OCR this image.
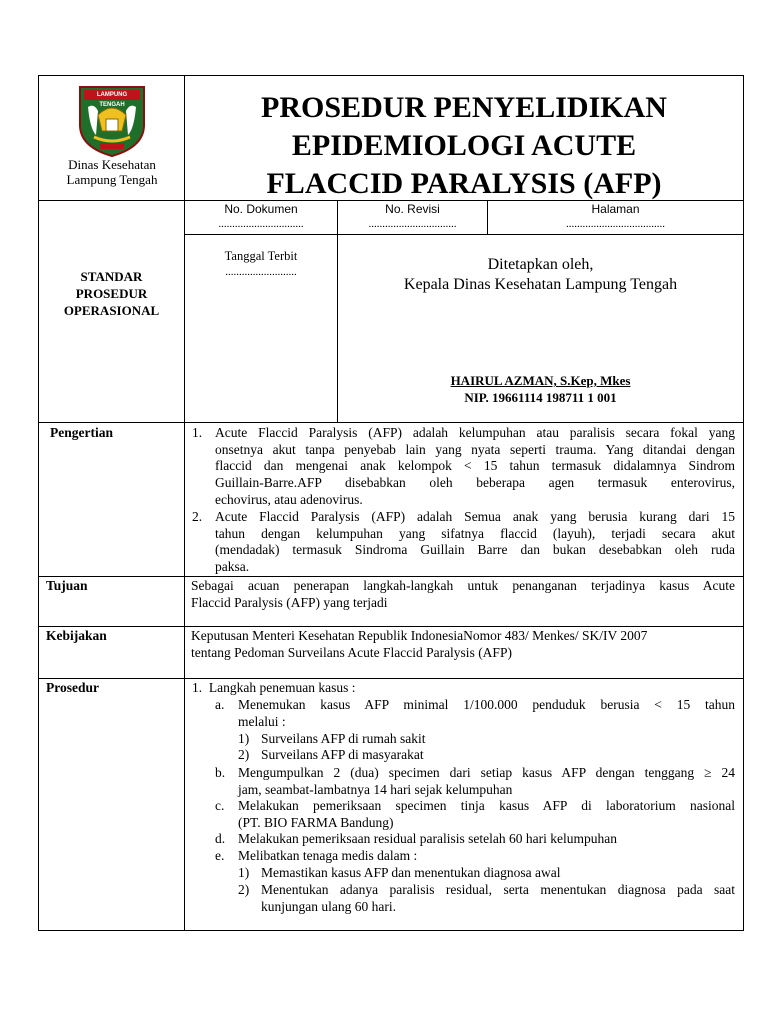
LAMPUNG TENGAH
Dinas Kesehatan
Lampung Tengah
PROSEDUR PENYELIDIKAN
EPIDEMIOLOGI ACUTE
FLACCID PARALYSIS (AFP)
No. Dokumen
...............................
No. Revisi
................................
Halaman
....................................
STANDAR
PROSEDUR
OPERASIONAL
Tanggal Terbit
..........................	Ditetapkan oleh,
Kepala Dinas Kesehatan Lampung Tengah
HAIRUL AZMAN, S.Kep, Mkes
NIP. 19661114 198711 1 001
Pengertian	1. Acute Flaccid Paralysis (AFP) adalah kelumpuhan atau paralisis secara fokal yang
onsetnya akut tanpa penyebab lain yang nyata seperti trauma. Yang ditandai dengan
flaccid dan mengenai anak kelompok < 15 tahun termasuk didalamnya Sindrom
Guillain-Barre.AFP disebabkan oleh beberapa agen termasuk enterovirus,
echovirus, atau adenovirus.
2. Acute Flaccid Paralysis (AFP) adalah Semua anak yang berusia kurang dari 15
tahun dengan kelumpuhan yang sifatnya flaccid (layuh), terjadi secara akut
(mendadak) termasuk Sindroma Guillain Barre dan bukan desebabkan oleh ruda
paksa.
Tujuan	Sebagai acuan penerapan langkah-langkah untuk penanganan terjadinya kasus Acute
Flaccid Paralysis (AFP) yang terjadi
Kebijakan	Keputusan Menteri Kesehatan Republik IndonesiaNomor 483/ Menkes/ SK/IV 2007
tentang Pedoman Surveilans Acute Flaccid Paralysis (AFP)
Prosedur	1.  Langkah penemuan kasus :
a. Menemukan kasus AFP minimal 1/100.000 penduduk berusia < 15 tahun
melalui :
1) Surveilans AFP di rumah sakit
2) Surveilans AFP di masyarakat
b. Mengumpulkan 2 (dua) specimen dari setiap kasus AFP dengan tenggang ≥ 24
jam, seambat-lambatnya 14 hari sejak kelumpuhan
c. Melakukan pemeriksaan specimen tinja kasus AFP di laboratorium nasional
(PT. BIO FARMA Bandung)
d. Melakukan pemeriksaan residual paralisis setelah 60 hari kelumpuhan
e. Melibatkan tenaga medis dalam :
1) Memastikan kasus AFP dan menentukan diagnosa awal
2) Menentukan adanya paralisis residual, serta menentukan diagnosa pada saat
kunjungan ulang 60 hari.
